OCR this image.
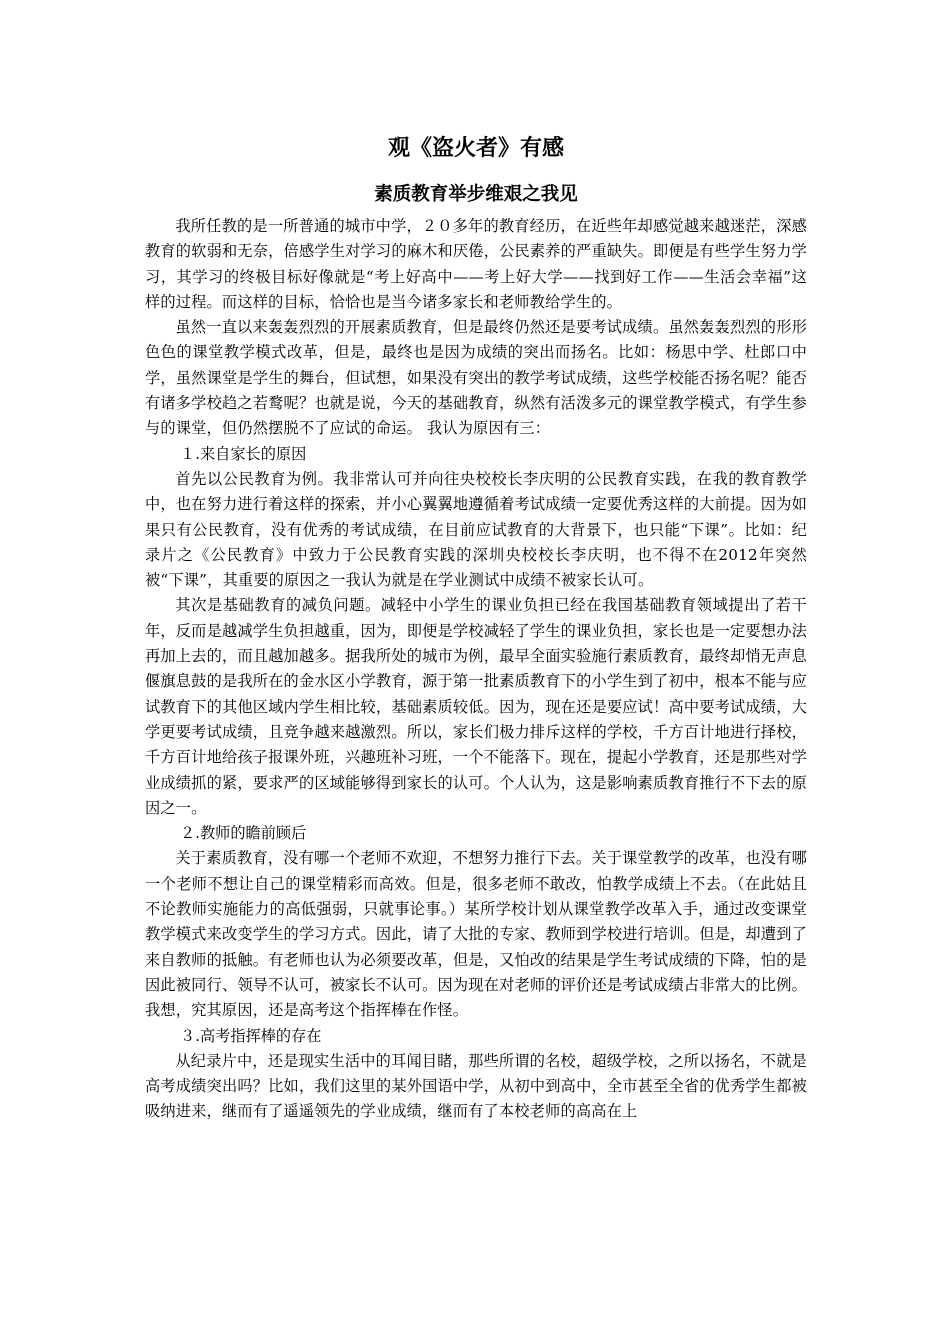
观《盗火者》有感
素质教育举步维艰之我见

我所任教的是一所普通的城市中学，２０多年的教育经历，在近些年却感觉越来越迷茫，深感教育的软弱和无奈，倍感学生对学习的麻木和厌倦，公民素养的严重缺失。即便是有些学生努力学习，其学习的终极目标好像就是“考上好高中——考上好大学——找到好工作——生活会幸福”这样的过程。而这样的目标，恰恰也是当今诸多家长和老师教给学生的。

虽然一直以来轰轰烈烈的开展素质教育，但是最终仍然还是要考试成绩。虽然轰轰烈烈的形形色色的课堂教学模式改革，但是，最终也是因为成绩的突出而扬名。比如：杨思中学、杜郎口中学，虽然课堂是学生的舞台，但试想，如果没有突出的教学考试成绩，这些学校能否扬名呢？能否有诸多学校趋之若鹜呢？也就是说，今天的基础教育，纵然有活泼多元的课堂教学模式，有学生参与的课堂，但仍然摆脱不了应试的命运。 我认为原因有三：

１.来自家长的原因

首先以公民教育为例。我非常认可并向往央校校长李庆明的公民教育实践，在我的教育教学中，也在努力进行着这样的探索，并小心翼翼地遵循着考试成绩一定要优秀这样的大前提。因为如果只有公民教育，没有优秀的考试成绩，在目前应试教育的大背景下，也只能“下课”。比如：纪录片之《公民教育》中致力于公民教育实践的深圳央校校长李庆明，也不得不在2012年突然被“下课”，其重要的原因之一我认为就是在学业测试中成绩不被家长认可。

其次是基础教育的减负问题。减轻中小学生的课业负担已经在我国基础教育领域提出了若干年，反而是越减学生负担越重，因为，即便是学校减轻了学生的课业负担，家长也是一定要想办法再加上去的，而且越加越多。据我所处的城市为例，最早全面实验施行素质教育，最终却悄无声息偃旗息鼓的是我所在的金水区小学教育，源于第一批素质教育下的小学生到了初中，根本不能与应试教育下的其他区域内学生相比较，基础素质较低。因为，现在还是要应试！高中要考试成绩，大学更要考试成绩，且竞争越来越激烈。所以，家长们极力排斥这样的学校，千方百计地进行择校，千方百计地给孩子报课外班，兴趣班补习班，一个不能落下。现在，提起小学教育，还是那些对学业成绩抓的紧，要求严的区域能够得到家长的认可。个人认为，这是影响素质教育推行不下去的原因之一。

２.教师的瞻前顾后

关于素质教育，没有哪一个老师不欢迎，不想努力推行下去。关于课堂教学的改革，也没有哪一个老师不想让自己的课堂精彩而高效。但是，很多老师不敢改，怕教学成绩上不去。（在此姑且不论教师实施能力的高低强弱，只就事论事。）某所学校计划从课堂教学改革入手，通过改变课堂教学模式来改变学生的学习方式。因此，请了大批的专家、教师到学校进行培训。但是，却遭到了来自教师的抵触。有老师也认为必须要改革，但是，又怕改的结果是学生考试成绩的下降，怕的是因此被同行、领导不认可，被家长不认可。因为现在对老师的评价还是考试成绩占非常大的比例。我想，究其原因，还是高考这个指挥棒在作怪。

３.高考指挥棒的存在

从纪录片中，还是现实生活中的耳闻目睹，那些所谓的名校，超级学校，之所以扬名，不就是高考成绩突出吗？比如，我们这里的某外国语中学，从初中到高中，全市甚至全省的优秀学生都被吸纳进来，继而有了遥遥领先的学业成绩，继而有了本校老师的高高在上
